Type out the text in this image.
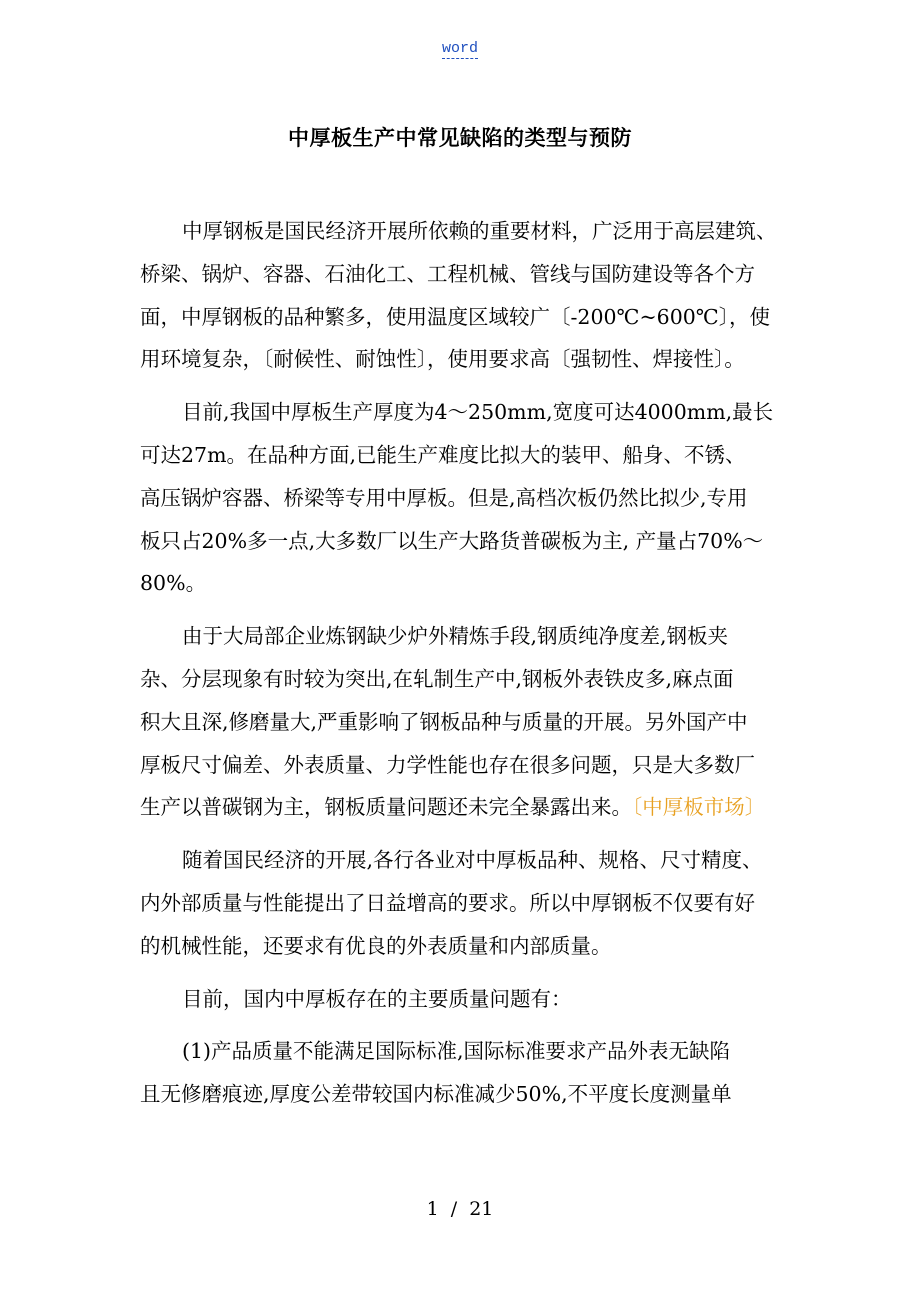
word
中厚板生产中常见缺陷的类型与预防
中厚钢板是国民经济开展所依赖的重要材料，广泛用于高层建筑、
桥梁、锅炉、容器、石油化工、工程机械、管线与国防建设等各个方
面，中厚钢板的品种繁多，使用温度区域较广〔-200℃~600℃〕，使
用环境复杂，〔耐候性、耐蚀性〕，使用要求高〔强韧性、焊接性〕。
目前,我国中厚板生产厚度为4～250mm,宽度可达4000mm,最长
可达27m。在品种方面,已能生产难度比拟大的装甲、船身、不锈、
高压锅炉容器、桥梁等专用中厚板。但是,高档次板仍然比拟少,专用
板只占20%多一点,大多数厂以生产大路货普碳板为主, 产量占70%～
80%。
由于大局部企业炼钢缺少炉外精炼手段,钢质纯净度差,钢板夹
杂、分层现象有时较为突出,在轧制生产中,钢板外表铁皮多,麻点面
积大且深,修磨量大,严重影响了钢板品种与质量的开展。另外国产中
厚板尺寸偏差、外表质量、力学性能也存在很多问题，只是大多数厂
生产以普碳钢为主，钢板质量问题还未完全暴露出来。〔中厚板市场〕
随着国民经济的开展,各行各业对中厚板品种、规格、尺寸精度、
内外部质量与性能提出了日益增高的要求。所以中厚钢板不仅要有好
的机械性能，还要求有优良的外表质量和内部质量。
目前，国内中厚板存在的主要质量问题有：
(1)产品质量不能满足国际标准,国际标准要求产品外表无缺陷
且无修磨痕迹,厚度公差带较国内标准减少50%,不平度长度测量单
1 / 21
